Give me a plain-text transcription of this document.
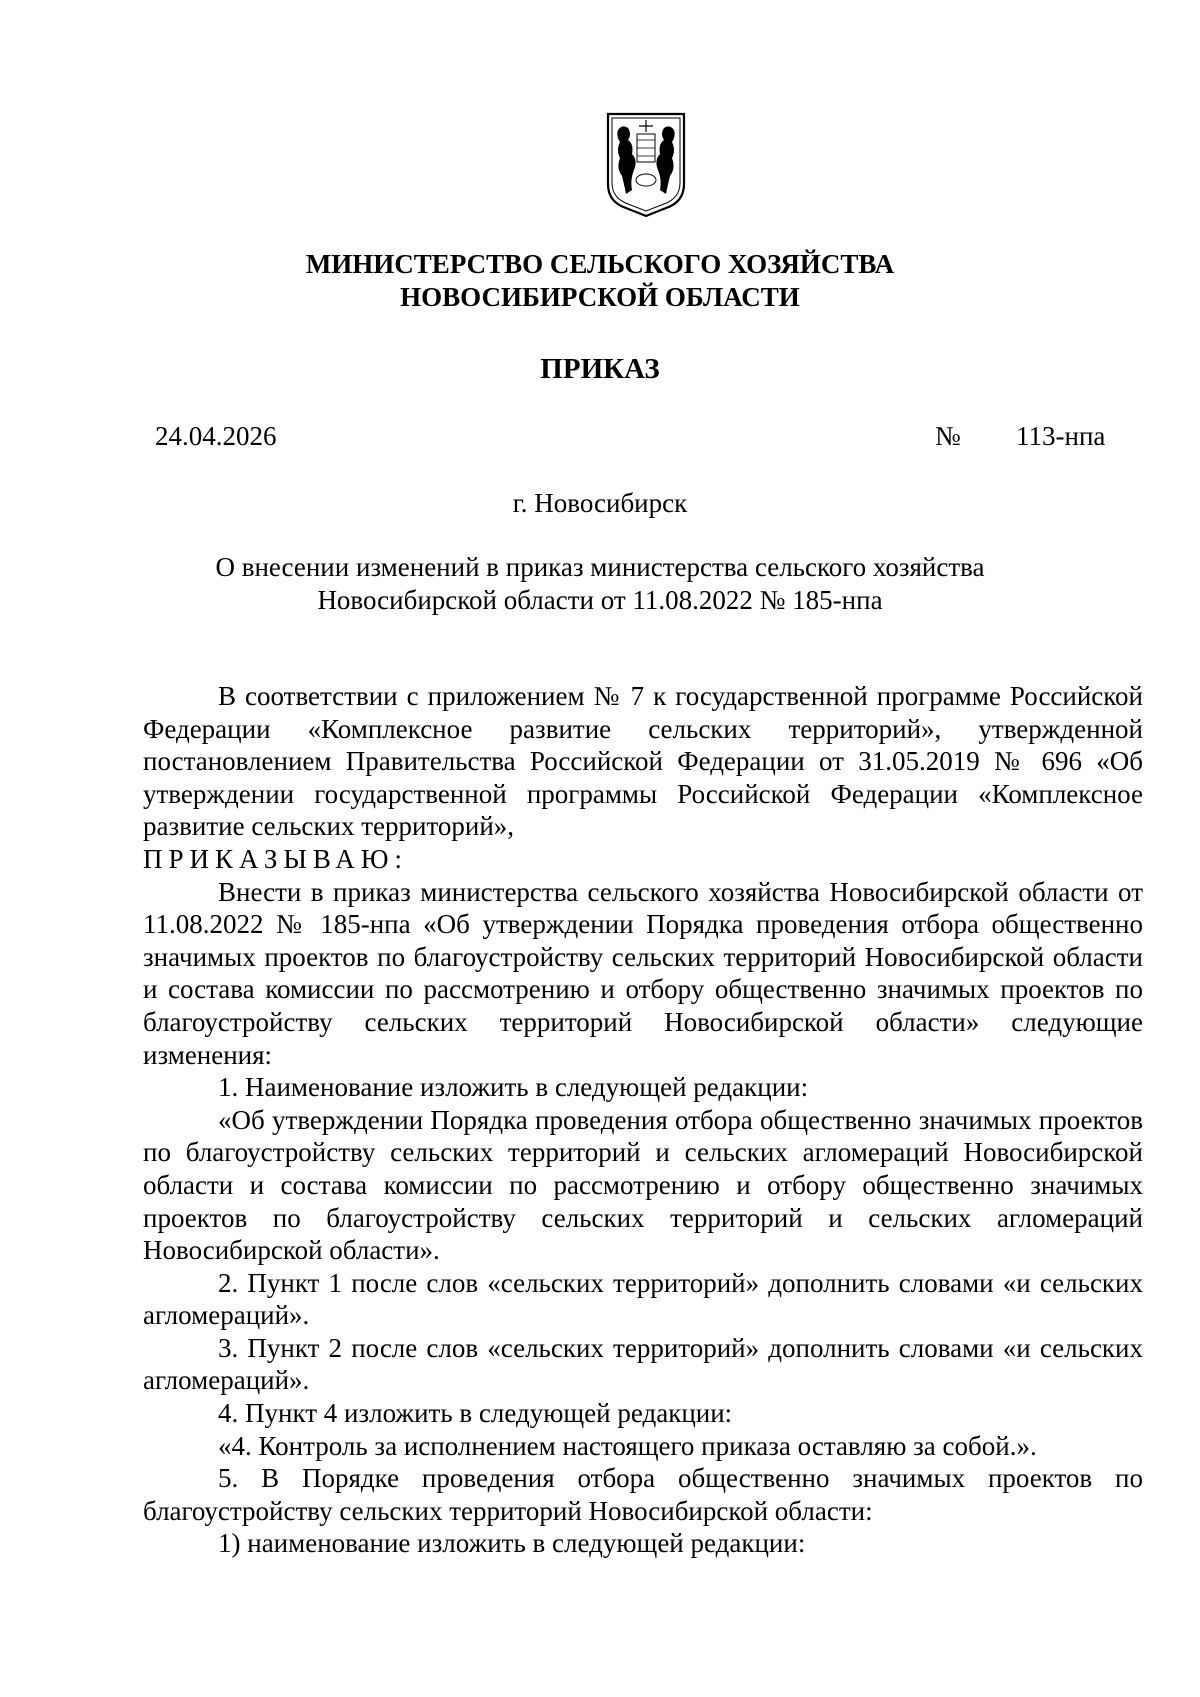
МИНИСТЕРСТВО СЕЛЬСКОГО ХОЗЯЙСТВА
НОВОСИБИРСКОЙ ОБЛАСТИ
ПРИКАЗ
24.04.2026	№ 113-нпа
г. Новосибирск
О внесении изменений в приказ министерства сельского хозяйства
Новосибирской области от 11.08.2022 № 185-нпа

В соответствии с приложением № 7 к государственной программе Российской Федерации «Комплексное развитие сельских территорий», утвержденной постановлением Правительства Российской Федерации от 31.05.2019 № 696 «Об утверждении государственной программы Российской Федерации «Комплексное развитие сельских территорий»,

ПРИКАЗЫВАЮ:

Внести в приказ министерства сельского хозяйства Новосибирской области от 11.08.2022 № 185-нпа «Об утверждении Порядка проведения отбора общественно значимых проектов по благоустройству сельских территорий Новосибирской области и состава комиссии по рассмотрению и отбору общественно значимых проектов по благоустройству сельских территорий Новосибирской области» следующие изменения:

1. Наименование изложить в следующей редакции:

«Об утверждении Порядка проведения отбора общественно значимых проектов по благоустройству сельских территорий и сельских агломераций Новосибирской области и состава комиссии по рассмотрению и отбору общественно значимых проектов по благоустройству сельских территорий и сельских агломераций Новосибирской области».

2. Пункт 1 после слов «сельских территорий» дополнить словами «и сельских агломераций».

3. Пункт 2 после слов «сельских территорий» дополнить словами «и сельских агломераций».

4. Пункт 4 изложить в следующей редакции:

«4. Контроль за исполнением настоящего приказа оставляю за собой.».

5. В Порядке проведения отбора общественно значимых проектов по благоустройству сельских территорий Новосибирской области:

1) наименование изложить в следующей редакции:
